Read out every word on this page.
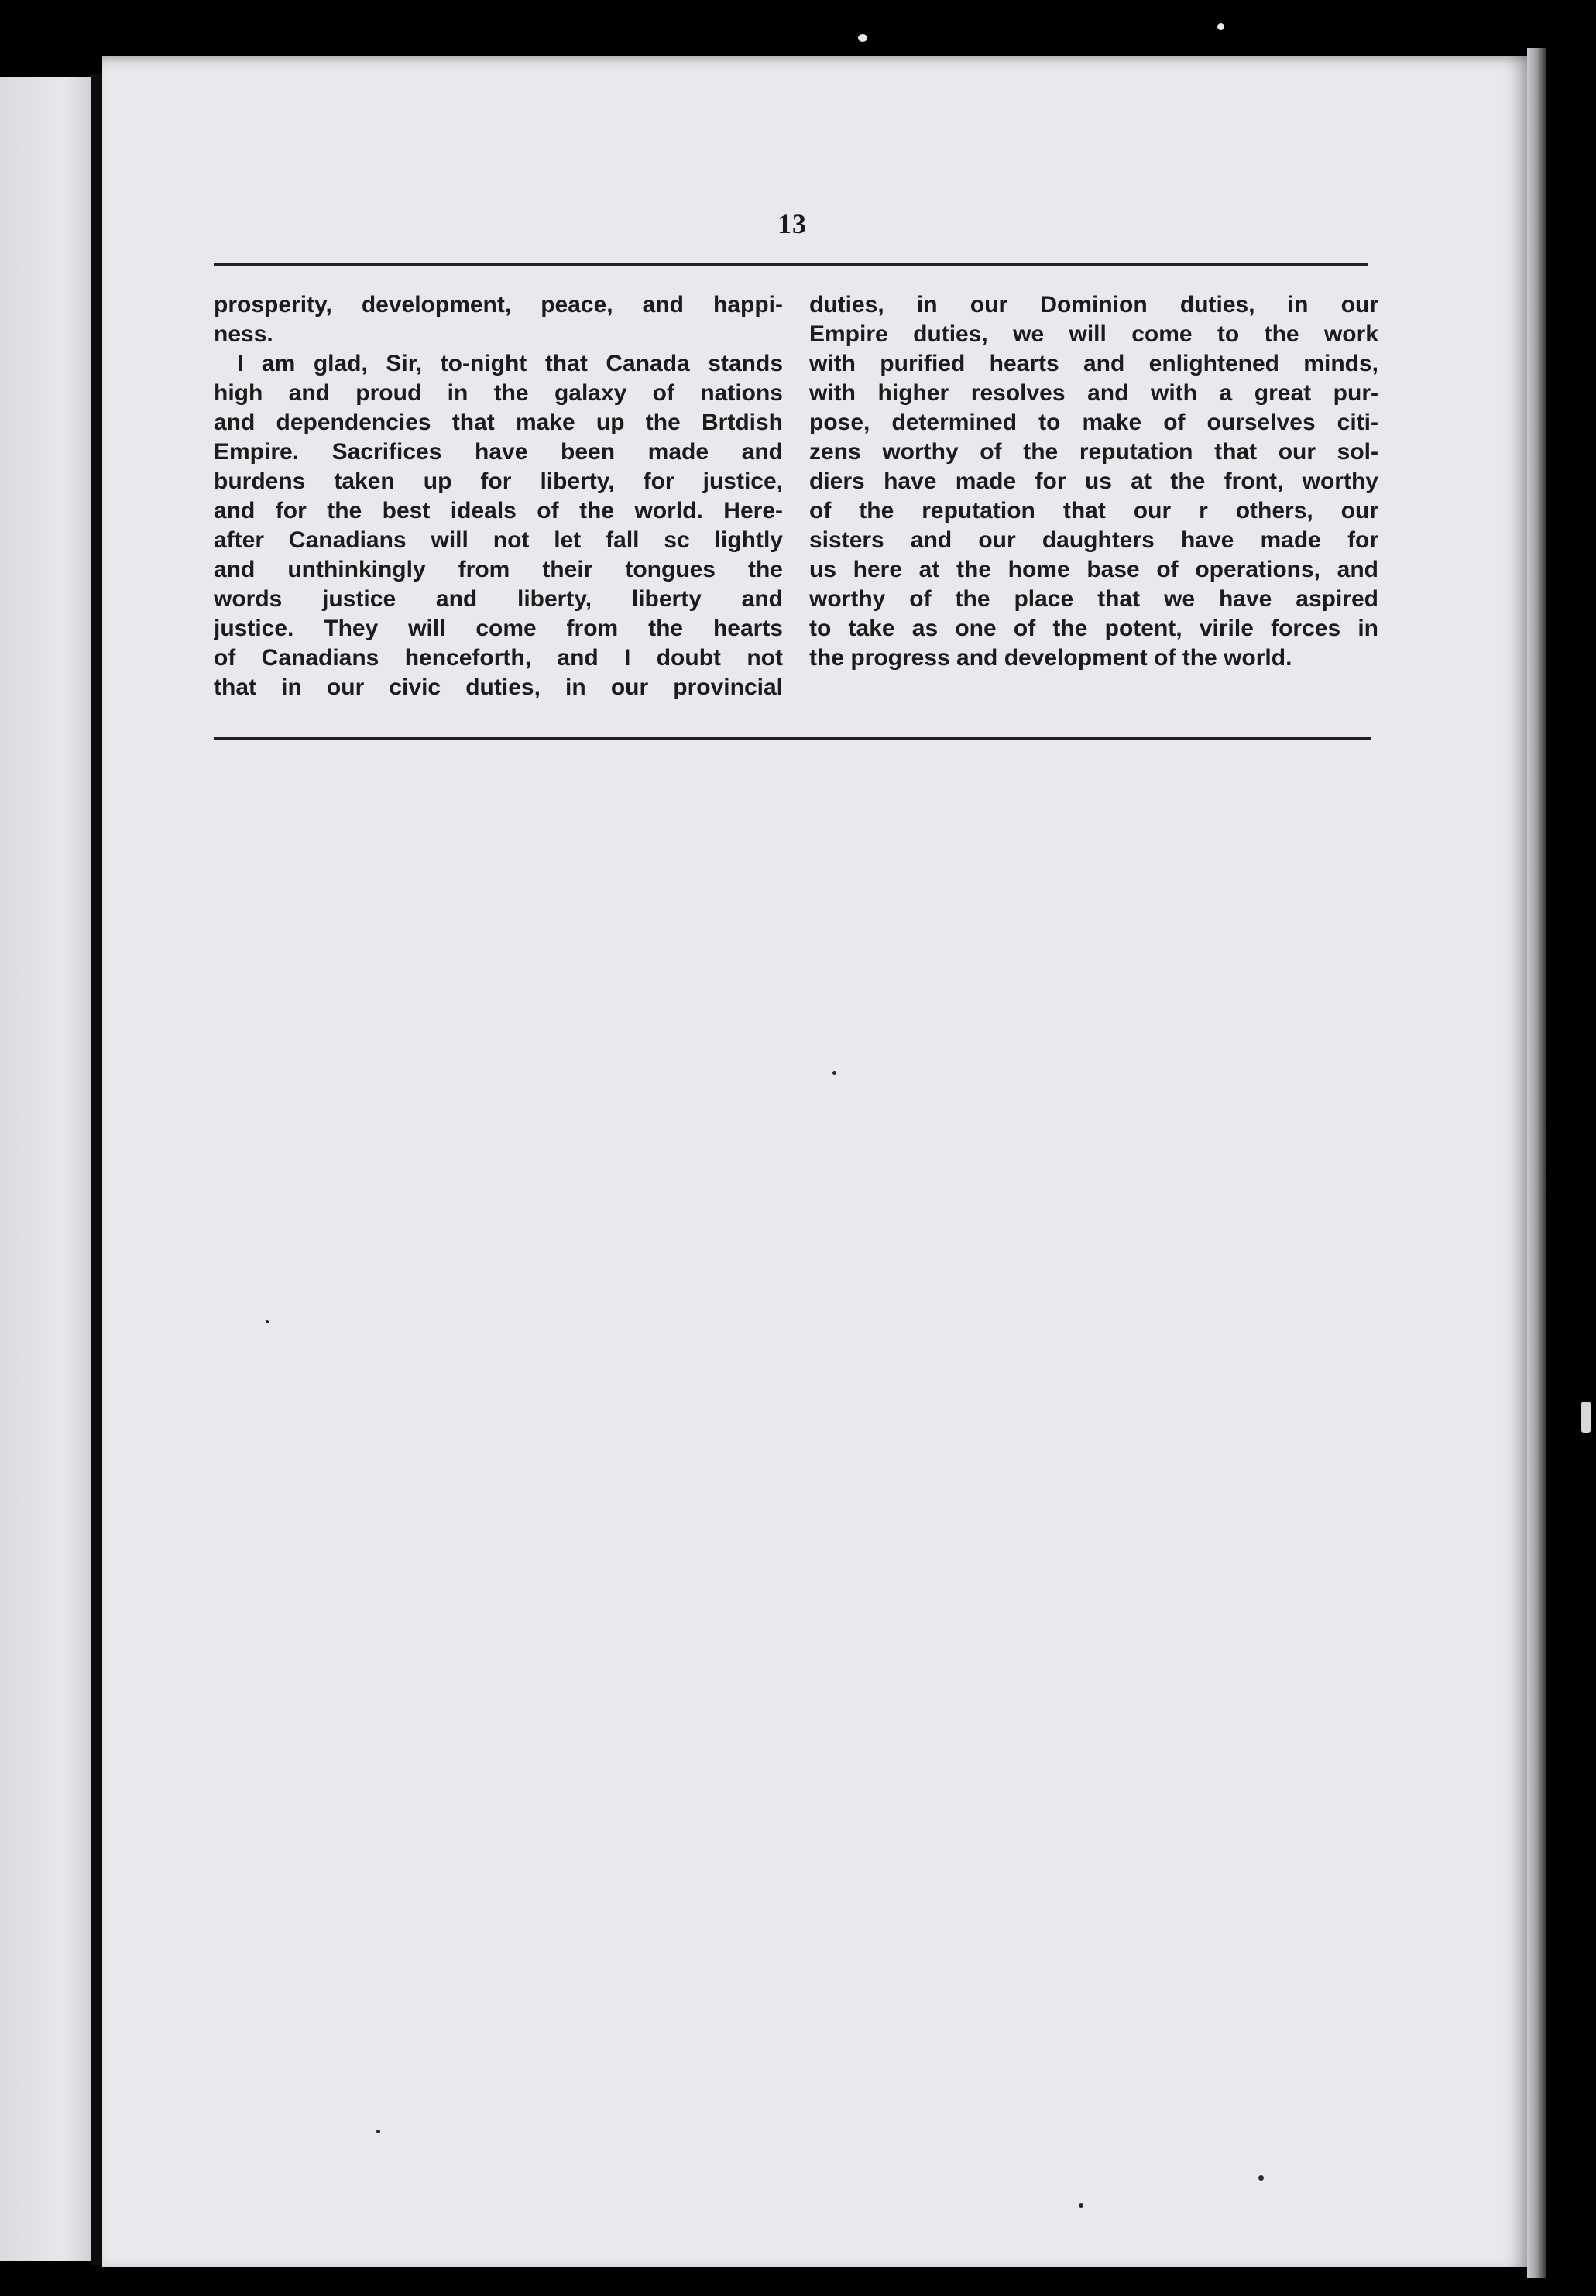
13
prosperity, development, peace, and happi-
ness.
I am glad, Sir, to-night that Canada stands
high and proud in the galaxy of nations
and dependencies that make up the Brtdish
Empire. Sacrifices have been made and
burdens taken up for liberty, for justice,
and for the best ideals of the world. Here-
after Canadians will not let fall sc lightly
and unthinkingly from their tongues the
words justice and liberty, liberty and
justice. They will come from the hearts
of Canadians henceforth, and I doubt not
that in our civic duties, in our provincial
duties, in our Dominion duties, in our
Empire duties, we will come to the work
with purified hearts and enlightened minds,
with higher resolves and with a great pur-
pose, determined to make of ourselves citi-
zens worthy of the reputation that our sol-
diers have made for us at the front, worthy
of the reputation that our r others, our
sisters and our daughters have made for
us here at the home base of operations, and
worthy of the place that we have aspired
to take as one of the potent, virile forces in
the progress and development of the world.
